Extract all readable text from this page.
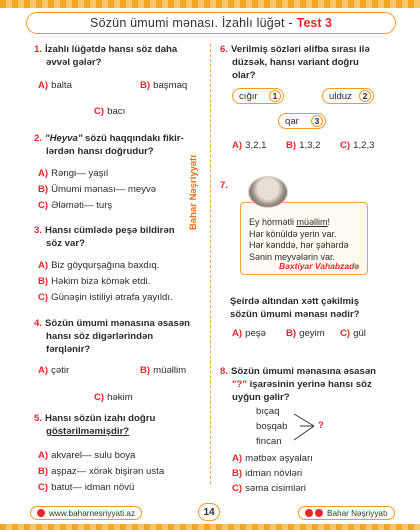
Sözün ümumi mənası. İzahlı lüğət - Test 3
Bahar Nəşriyyatı
1. İzahlı lüğətdə hansı söz daha
əvvəl gələr?
A) balta	B) başmaq
C) bacı
2. "Heyva" sözü haqqındakı fikir-
lərdən hansı doğrudur?
A) Rəngi— yaşıl
B) Ümumi mənası— meyvə
C) Ələməti— turş
3. Hansı cümlədə peşə bildirən
söz var?
A) Biz göyqurşağına baxdıq.
B) Həkim bizə kömək etdi.
C) Günəşin istiliyi ətrafa yayıldı.
4. Sözün ümumi mənasına əsasən
hansı söz digərlərindən
fərqlənir?
A) çətir	B) müəllim
C) həkim
5. Hansı sözün izahı doğru
göstərilməmişdir?
A) akvarel— sulu boya
B) aşpaz— xörək bişirən usta
C) batut— idman növü
6. Verilmiş sözləri əlifba sırası ilə
düzsək, hansı variant doğru
olar?
cığır	1	ulduz	2
qar	3
A) 3,2,1 B) 1,3,2 C) 1,2,3
7.
Ey hörmətli müəllim!
Hər könüldə yerin var.
Hər kənddə, hər şəhərdə
Sənin meyvələrin var.
Bəxtiyar Vahabzadə
Şeirdə altından xətt çəkilmiş
sözün ümumi mənası nədir?
A) peşə B) geyim C) gül
8. Sözün ümumi mənasına əsasən
"?" işarəsinin yerinə hansı söz
uyğun gəlir?
bıçaq
boşqab
fincan
?
A) mətbəx əşyaları
B) idman növləri
C) səma cisimləri
www.baharnesriyyati.az	14	Bahar Nəşriyyatı
